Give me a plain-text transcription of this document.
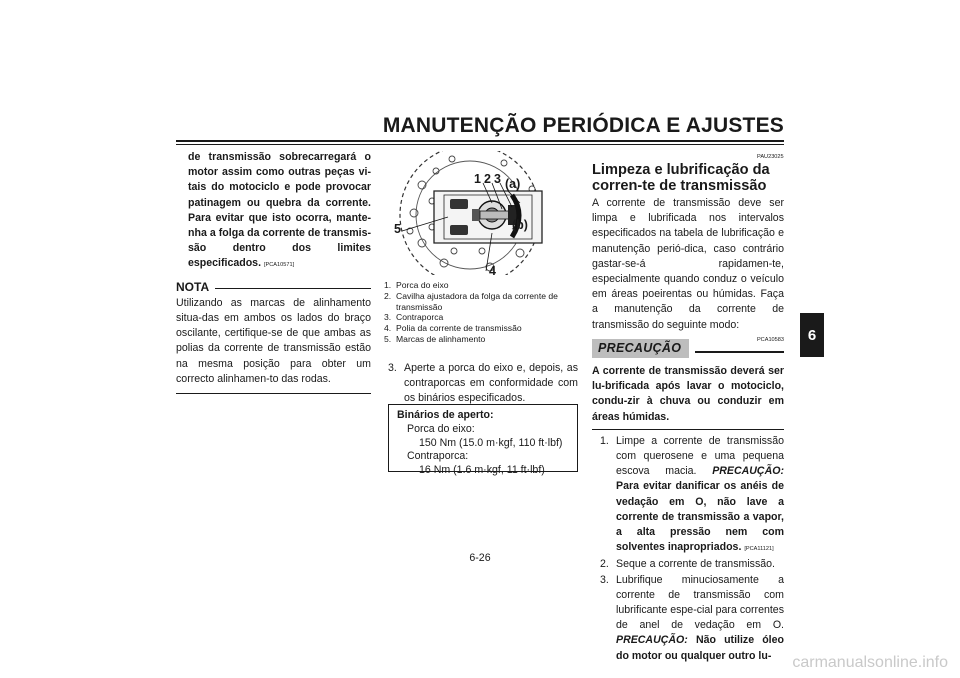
MANUTENÇÃO PERIÓDICA E AJUSTES
6
de transmissão sobrecarregará o motor assim como outras peças vi-tais do motociclo e pode provocar patinagem ou quebra da corrente. Para evitar que isto ocorra, mante-nha a folga da corrente de transmis-são dentro dos limites especificados. [PCA10571]
NOTA
Utilizando as marcas de alinhamento situa-das em ambos os lados do braço oscilante, certifique-se de que ambas as polias da corrente de transmissão estão na mesma posição para obter um correcto alinhamen-to das rodas.
1 2 3 (a)
(b)
5
4
1. Porca do eixo
2. Cavilha ajustadora da folga da corrente de transmissão
3. Contraporca
4. Polia da corrente de transmissão
5. Marcas de alinhamento
3. Aperte a porca do eixo e, depois, as contraporcas em conformidade com os binários especificados.
Binários de aperto:
Porca do eixo:
150 Nm (15.0 m·kgf, 110 ft·lbf)
Contraporca:
16 Nm (1.6 m·kgf, 11 ft·lbf)
PAU23025
Limpeza e lubrificação da corren-te de transmissão
A corrente de transmissão deve ser limpa e lubrificada nos intervalos especificados na tabela de lubrificação e manutenção perió-dica, caso contrário gastar-se-á rapidamen-te, especialmente quando conduz o veículo em áreas poeirentas ou húmidas. Faça a manutenção da corrente de transmissão do seguinte modo:
PRECAUÇÃO
PCA10583
A corrente de transmissão deverá ser lu-brificada após lavar o motociclo, condu-zir à chuva ou conduzir em áreas húmidas.
1. Limpe a corrente de transmissão com querosene e uma pequena escova macia. PRECAUÇÃO: Para evitar danificar os anéis de vedação em O, não lave a corrente de transmissão a vapor, a alta pressão nem com solventes inapropriados. [PCA11121]
2. Seque a corrente de transmissão.
3. Lubrifique minuciosamente a corrente de transmissão com lubrificante espe-cial para correntes de anel de vedação em O. PRECAUÇÃO: Não utilize óleo do motor ou qualquer outro lu-
6-26
carmanualsonline.info
